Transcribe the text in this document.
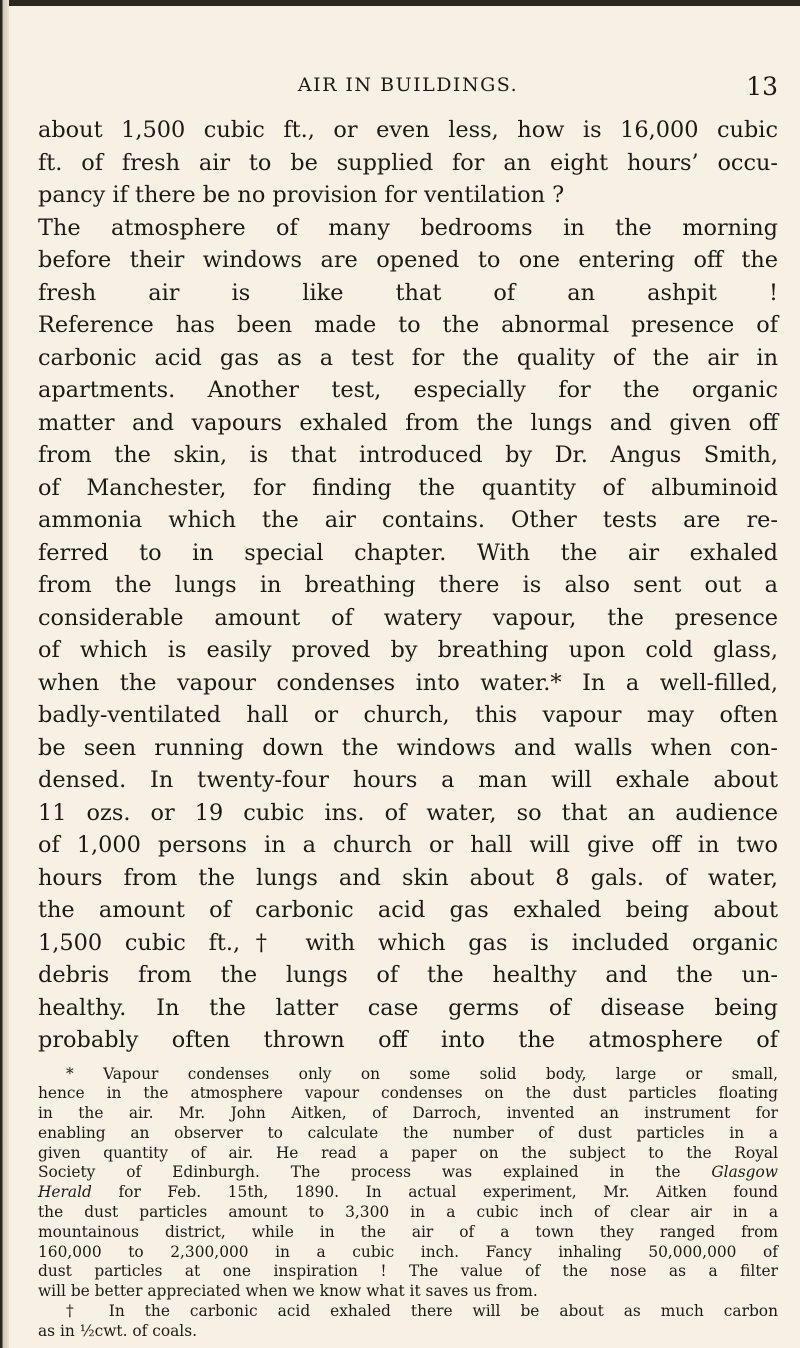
AIR IN BUILDINGS.	13

about 1,500 cubic ft., or even less, how is 16,000 cubic
ft. of fresh air to be supplied for an eight hours’ occu-
pancy if there be no provision for ventilation ?
The atmosphere of many bedrooms in the morning
before their windows are opened to one entering off the
fresh air is like that of an ashpit !
Reference has been made to the abnormal presence of
carbonic acid gas as a test for the quality of the air in
apartments. Another test, especially for the organic
matter and vapours exhaled from the lungs and given off
from the skin, is that introduced by Dr. Angus Smith,
of Manchester, for finding the quantity of albuminoid
ammonia which the air contains. Other tests are re-
ferred to in special chapter. With the air exhaled
from the lungs in breathing there is also sent out a
considerable amount of watery vapour, the presence
of which is easily proved by breathing upon cold glass,
when the vapour condenses into water.* In a well-filled,
badly-ventilated hall or church, this vapour may often
be seen running down the windows and walls when con-
densed. In twenty-four hours a man will exhale about
11 ozs. or 19 cubic ins. of water, so that an audience
of 1,000 persons in a church or hall will give off in two
hours from the lungs and skin about 8 gals. of water,
the amount of carbonic acid gas exhaled being about
1,500 cubic ft.,† with which gas is included organic
debris from the lungs of the healthy and the un-
healthy. In the latter case germs of disease being
probably often thrown off into the atmosphere of

* Vapour condenses only on some solid body, large or small,
hence in the atmosphere vapour condenses on the dust particles floating
in the air. Mr. John Aitken, of Darroch, invented an instrument for
enabling an observer to calculate the number of dust particles in a
given quantity of air. He read a paper on the subject to the Royal
Society of Edinburgh. The process was explained in the Glasgow
Herald for Feb. 15th, 1890. In actual experiment, Mr. Aitken found
the dust particles amount to 3,300 in a cubic inch of clear air in a
mountainous district, while in the air of a town they ranged from
160,000 to 2,300,000 in a cubic inch. Fancy inhaling 50,000,000 of
dust particles at one inspiration ! The value of the nose as a filter
will be better appreciated when we know what it saves us from.
† In the carbonic acid exhaled there will be about as much carbon
as in ½cwt. of coals.
